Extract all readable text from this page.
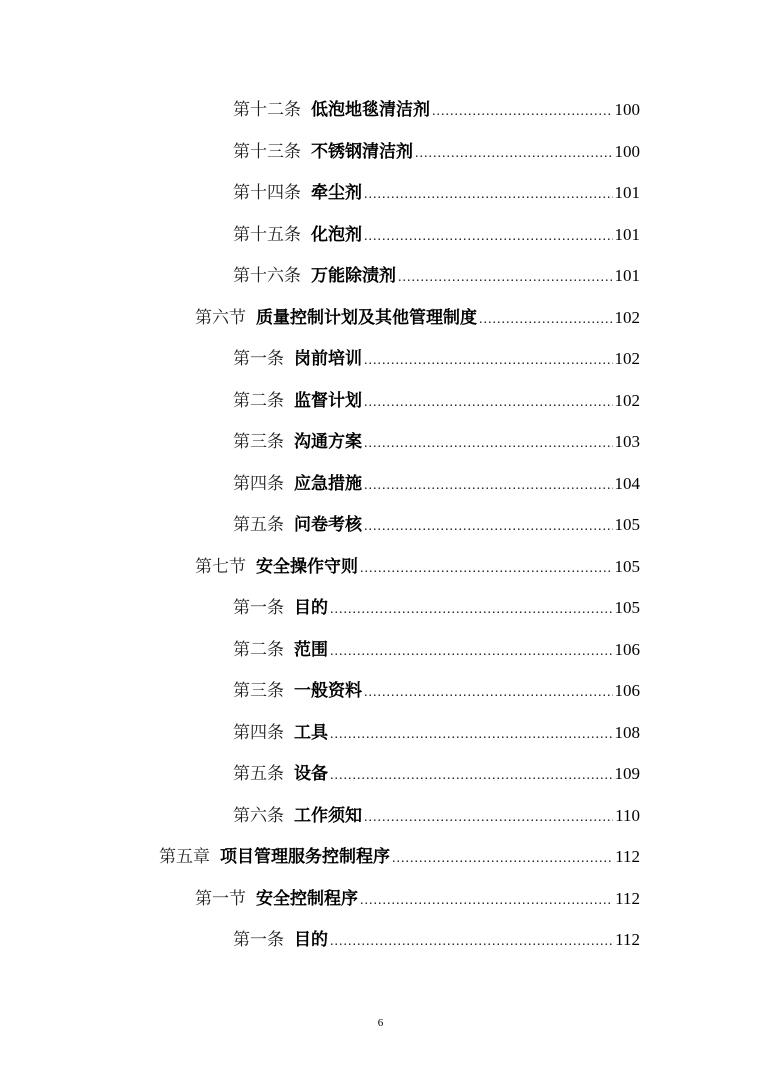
第十二条 低泡地毯清洁剂 .....	100
第十三条 不锈钢清洁剂 .....	100
第十四条 牵尘剂 .....	101
第十五条 化泡剂 .....	101
第十六条 万能除渍剂 .....	101
第六节 质量控制计划及其他管理制度 .....	102
第一条 岗前培训 .....	102
第二条 监督计划 .....	102
第三条 沟通方案 .....	103
第四条 应急措施 .....	104
第五条 问卷考核 .....	105
第七节 安全操作守则 .....	105
第一条 目的 .....	105
第二条 范围 .....	106
第三条 一般资料 .....	106
第四条 工具 .....	108
第五条 设备 .....	109
第六条 工作须知 .....	110
第五章 项目管理服务控制程序 .....	112
第一节 安全控制程序 .....	112
第一条 目的 .....	112
6
